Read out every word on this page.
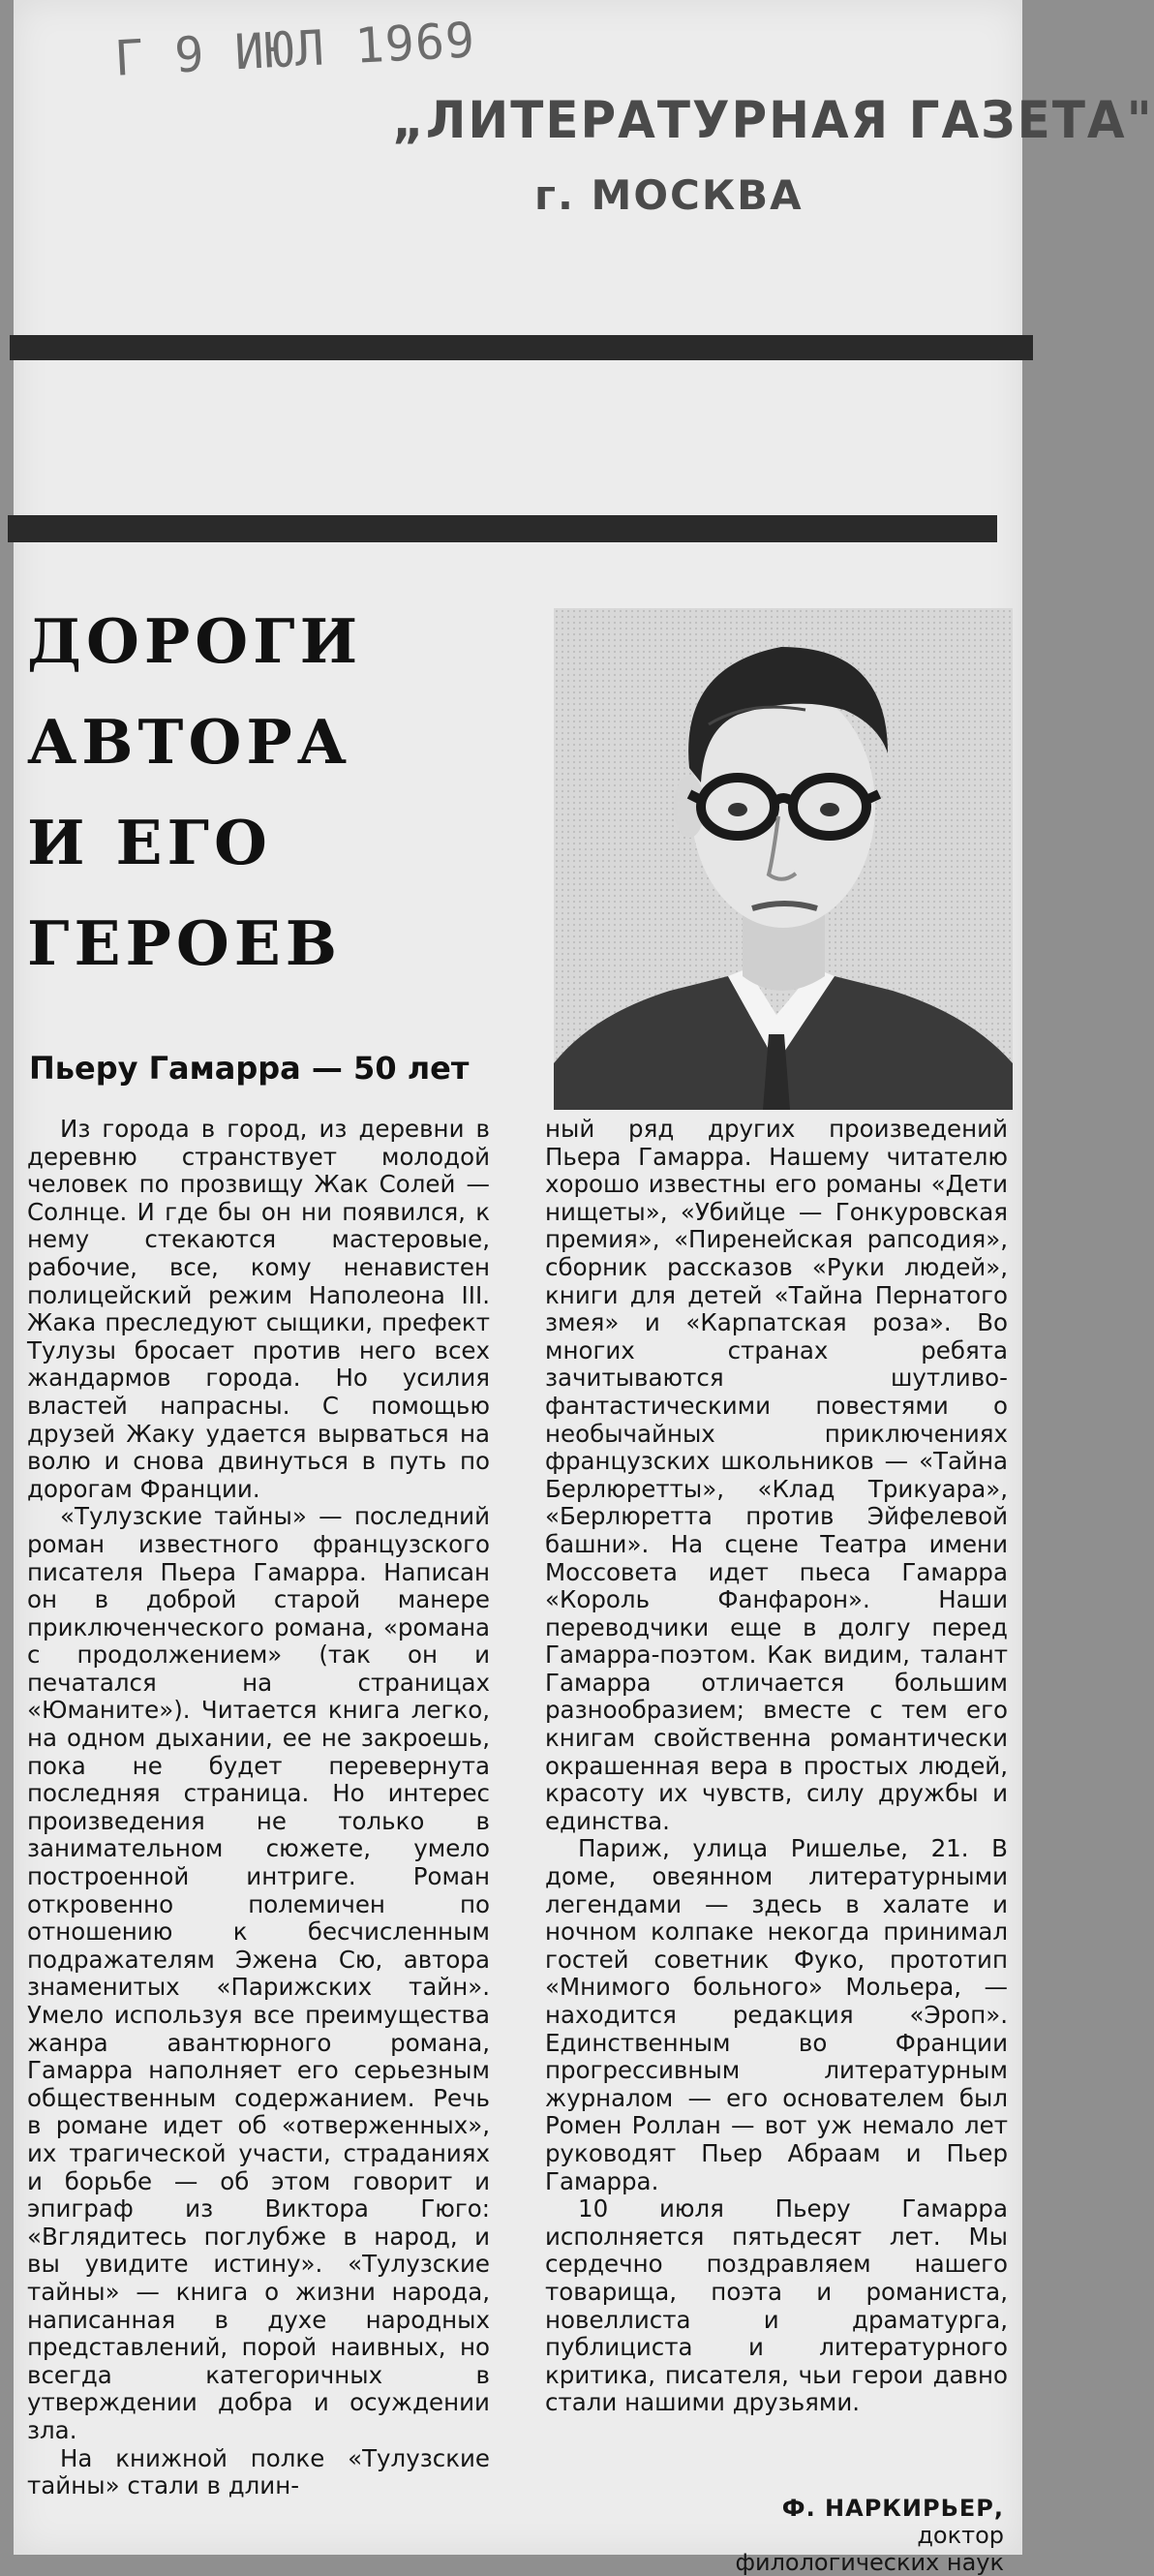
Г 9 ИЮЛ 1969
„ЛИТЕРАТУРНАЯ ГАЗЕТА"
г. МОСКВА
ДОРОГИ
АВТОРА
И ЕГО
ГЕРОЕВ
Пьеру Гамарра — 50 лет

Из города в город, из деревни в деревню странствует молодой человек по прозвищу Жак Солей — Солнце. И где бы он ни появился, к нему стекаются мастеровые, рабочие, все, кому ненавистен полицейский режим Наполеона III. Жака преследуют сыщики, префект Тулузы бросает против него всех жандармов города. Но усилия властей напрасны. С помощью друзей Жаку удается вырваться на волю и снова двинуться в путь по дорогам Франции.

«Тулузские тайны» — последний роман известного французского писателя Пьера Гамарра. Написан он в доброй старой манере приключенческого романа, «романа с продолжением» (так он и печатался на страницах «Юманите»). Читается книга легко, на одном дыхании, ее не закроешь, пока не будет перевернута последняя страница. Но интерес произведения не только в занимательном сюжете, умело построенной интриге. Роман откровенно полемичен по отношению к бесчисленным подражателям Эжена Сю, автора знаменитых «Парижских тайн». Умело используя все преимущества жанра авантюрного романа, Гамарра наполняет его серьезным общественным содержанием. Речь в романе идет об «отверженных», их трагической участи, страданиях и борьбе — об этом говорит и эпиграф из Виктора Гюго: «Вглядитесь поглубже в народ, и вы увидите истину». «Тулузские тайны» — книга о жизни народа, написанная в духе народных представлений, порой наивных, но всегда категоричных в утверждении добра и осуждении зла.

На книжной полке «Тулузские тайны» стали в длин-

ный ряд других произведений Пьера Гамарра. Нашему читателю хорошо известны его романы «Дети нищеты», «Убийце — Гонкуровская премия», «Пиренейская рапсодия», сборник рассказов «Руки людей», книги для детей «Тайна Пернатого змея» и «Карпатская роза». Во многих странах ребята зачитываются шутливо-фантастическими повестями о необычайных приключениях французских школьников — «Тайна Берлюретты», «Клад Трикуара», «Берлюретта против Эйфелевой башни». На сцене Театра имени Моссовета идет пьеса Гамарра «Король Фанфарон». Наши переводчики еще в долгу перед Гамарра-поэтом. Как видим, талант Гамарра отличается большим разнообразием; вместе с тем его книгам свойственна романтически окрашенная вера в простых людей, красоту их чувств, силу дружбы и единства.

Париж, улица Ришелье, 21. В доме, овеянном литературными легендами — здесь в халате и ночном колпаке некогда принимал гостей советник Фуко, прототип «Мнимого больного» Мольера, — находится редакция «Эроп». Единственным во Франции прогрессивным литературным журналом — его основателем был Ромен Роллан — вот уж немало лет руководят Пьер Абраам и Пьер Гамарра.

10 июля Пьеру Гамарра исполняется пятьдесят лет. Мы сердечно поздравляем нашего товарища, поэта и романиста, новеллиста и драматурга, публициста и литературного критика, писателя, чьи герои давно стали нашими друзьями.

Ф. НАРКИРЬЕР,
доктор
филологических наук
